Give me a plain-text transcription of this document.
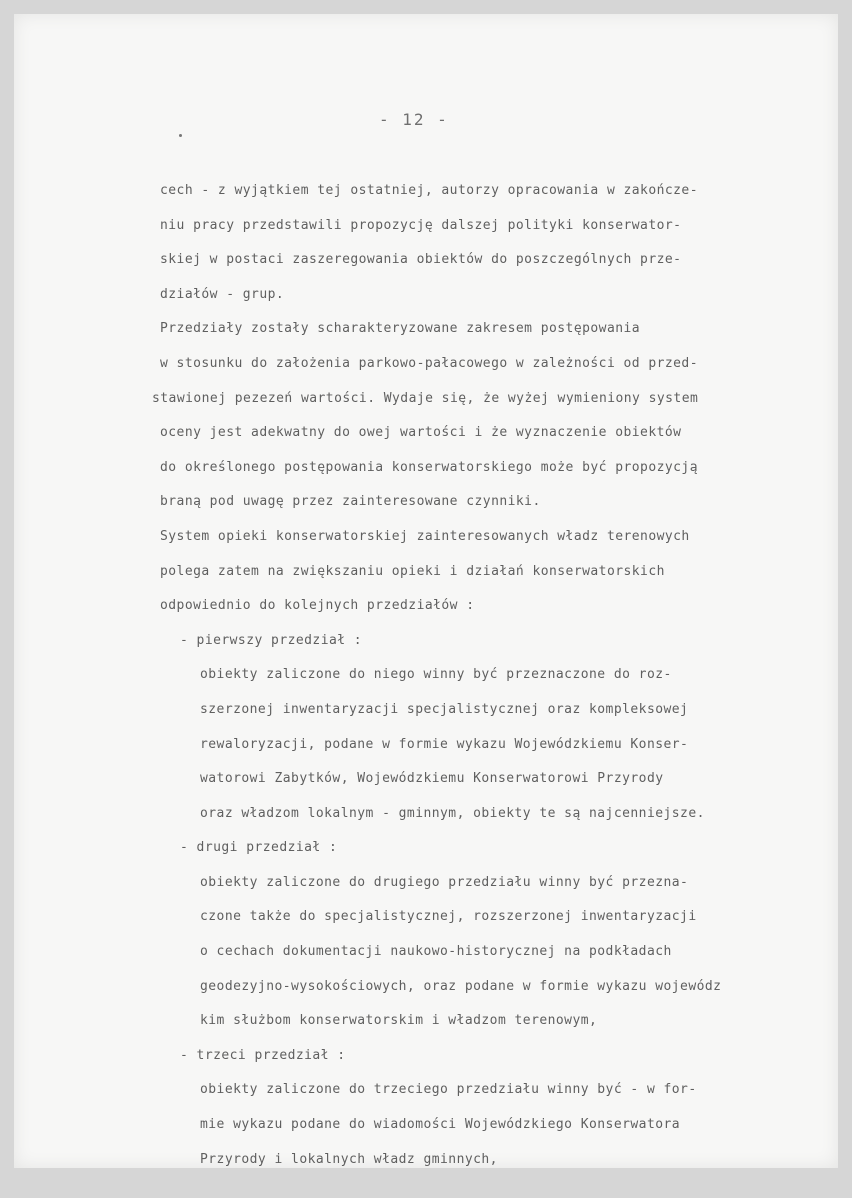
- 12 -
cech - z wyjątkiem tej ostatniej, autorzy opracowania w zakończe-
niu pracy przedstawili propozycję dalszej polityki konserwator-
skiej w postaci zaszeregowania obiektów do poszczególnych prze-
działów - grup.
Przedziały zostały scharakteryzowane zakresem postępowania
w stosunku do założenia parkowo-pałacowego w zależności od przed-
stawionej pezezeń wartości. Wydaje się, że wyżej wymieniony system
oceny jest adekwatny do owej wartości i że wyznaczenie obiektów
do określonego postępowania konserwatorskiego może być propozycją
braną pod uwagę przez zainteresowane czynniki.
System opieki konserwatorskiej zainteresowanych władz terenowych
polega zatem na zwiększaniu opieki i działań konserwatorskich
odpowiednio do kolejnych przedziałów :
- pierwszy przedział :
obiekty zaliczone do niego winny być przeznaczone do roz-
szerzonej inwentaryzacji specjalistycznej oraz kompleksowej
rewaloryzacji, podane w formie wykazu Wojewódzkiemu Konser-
watorowi Zabytków, Wojewódzkiemu Konserwatorowi Przyrody
oraz władzom lokalnym - gminnym, obiekty te są najcenniejsze.
- drugi przedział :
obiekty zaliczone do drugiego przedziału winny być przezna-
czone także do specjalistycznej, rozszerzonej inwentaryzacji
o cechach dokumentacji naukowo-historycznej na podkładach
geodezyjno-wysokościowych, oraz podane w formie wykazu wojewódz
kim służbom konserwatorskim i władzom terenowym,
- trzeci przedział :
obiekty zaliczone do trzeciego przedziału winny być - w for-
mie wykazu podane do wiadomości Wojewódzkiego Konserwatora
Przyrody i lokalnych władz gminnych,
